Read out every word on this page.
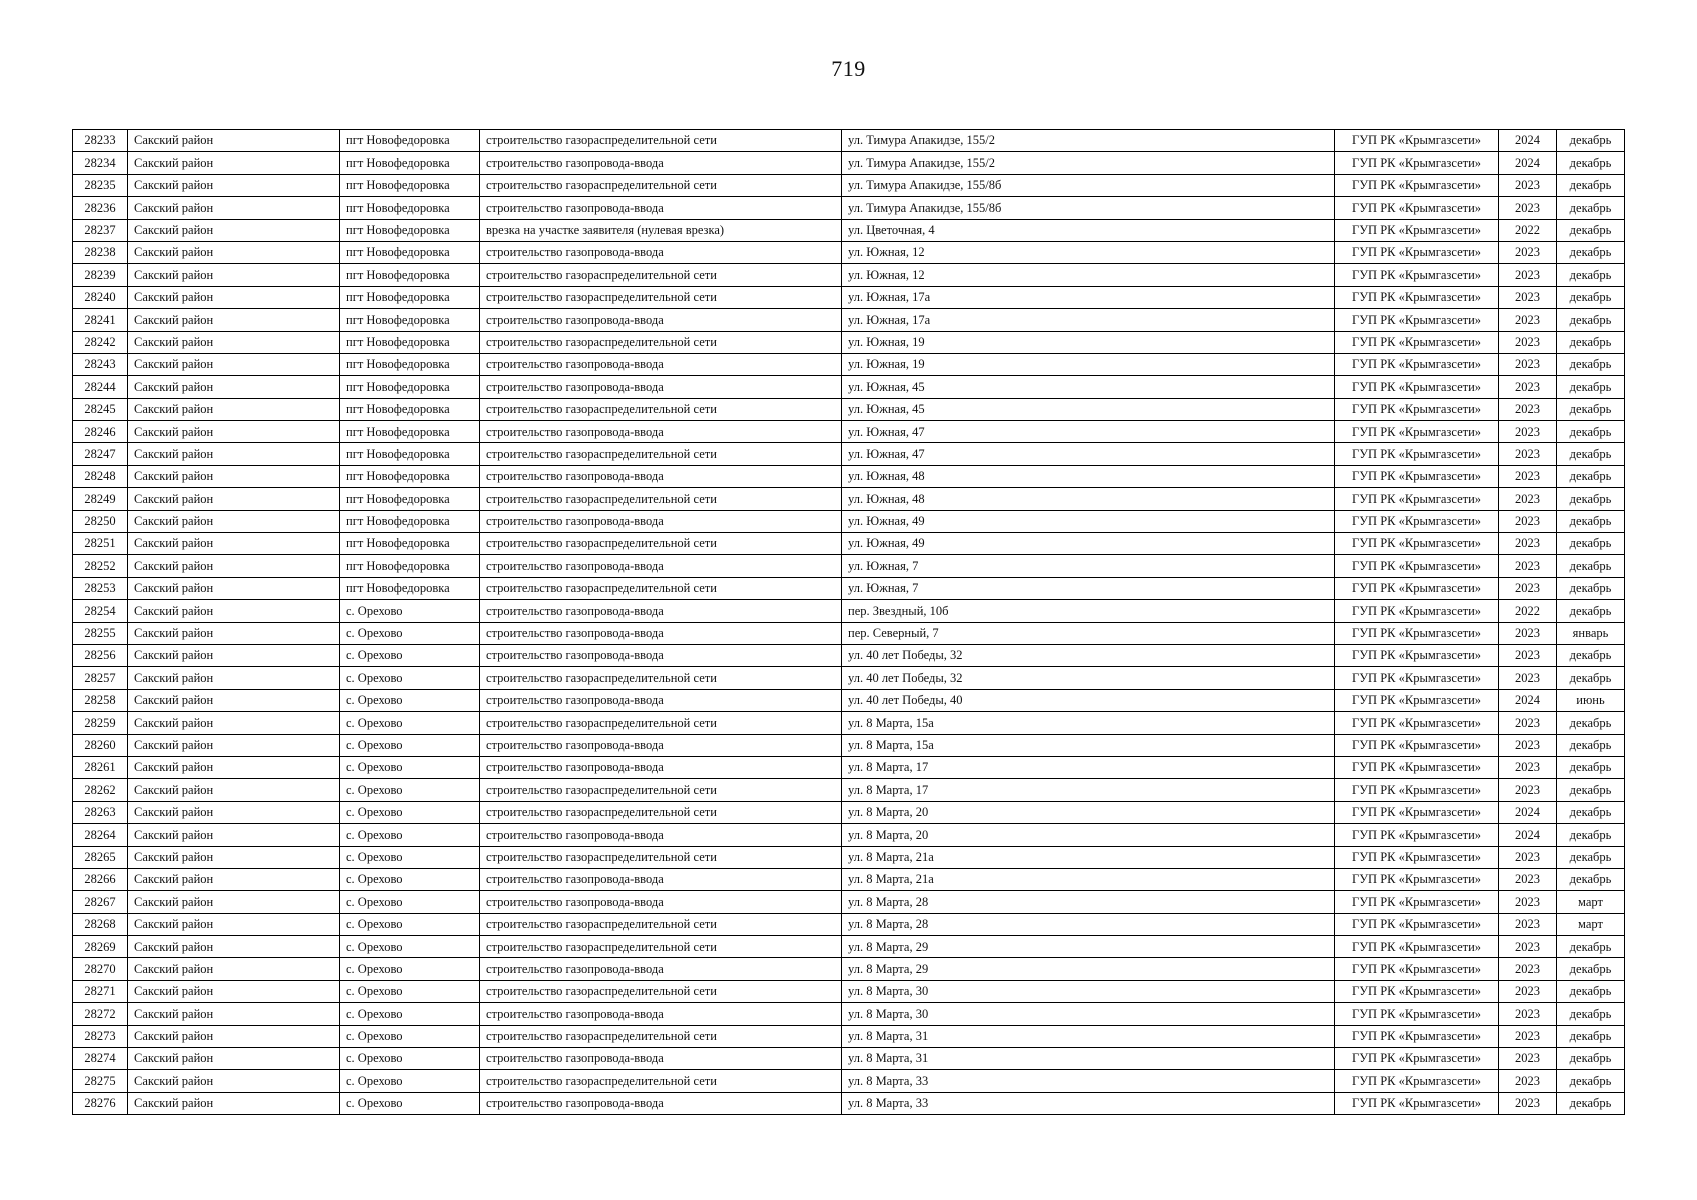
719
28233	Сакский район	пгт Новофедоровка	строительство газораспределительной сети	ул. Тимура Апакидзе, 155/2	ГУП РК «Крымгазсети»	2024	декабрь
28234	Сакский район	пгт Новофедоровка	строительство газопровода-ввода	ул. Тимура Апакидзе, 155/2	ГУП РК «Крымгазсети»	2024	декабрь
28235	Сакский район	пгт Новофедоровка	строительство газораспределительной сети	ул. Тимура Апакидзе, 155/8б	ГУП РК «Крымгазсети»	2023	декабрь
28236	Сакский район	пгт Новофедоровка	строительство газопровода-ввода	ул. Тимура Апакидзе, 155/8б	ГУП РК «Крымгазсети»	2023	декабрь
28237	Сакский район	пгт Новофедоровка	врезка на участке заявителя (нулевая врезка)	ул. Цветочная, 4	ГУП РК «Крымгазсети»	2022	декабрь
28238	Сакский район	пгт Новофедоровка	строительство газопровода-ввода	ул. Южная, 12	ГУП РК «Крымгазсети»	2023	декабрь
28239	Сакский район	пгт Новофедоровка	строительство газораспределительной сети	ул. Южная, 12	ГУП РК «Крымгазсети»	2023	декабрь
28240	Сакский район	пгт Новофедоровка	строительство газораспределительной сети	ул. Южная, 17а	ГУП РК «Крымгазсети»	2023	декабрь
28241	Сакский район	пгт Новофедоровка	строительство газопровода-ввода	ул. Южная, 17а	ГУП РК «Крымгазсети»	2023	декабрь
28242	Сакский район	пгт Новофедоровка	строительство газораспределительной сети	ул. Южная, 19	ГУП РК «Крымгазсети»	2023	декабрь
28243	Сакский район	пгт Новофедоровка	строительство газопровода-ввода	ул. Южная, 19	ГУП РК «Крымгазсети»	2023	декабрь
28244	Сакский район	пгт Новофедоровка	строительство газопровода-ввода	ул. Южная, 45	ГУП РК «Крымгазсети»	2023	декабрь
28245	Сакский район	пгт Новофедоровка	строительство газораспределительной сети	ул. Южная, 45	ГУП РК «Крымгазсети»	2023	декабрь
28246	Сакский район	пгт Новофедоровка	строительство газопровода-ввода	ул. Южная, 47	ГУП РК «Крымгазсети»	2023	декабрь
28247	Сакский район	пгт Новофедоровка	строительство газораспределительной сети	ул. Южная, 47	ГУП РК «Крымгазсети»	2023	декабрь
28248	Сакский район	пгт Новофедоровка	строительство газопровода-ввода	ул. Южная, 48	ГУП РК «Крымгазсети»	2023	декабрь
28249	Сакский район	пгт Новофедоровка	строительство газораспределительной сети	ул. Южная, 48	ГУП РК «Крымгазсети»	2023	декабрь
28250	Сакский район	пгт Новофедоровка	строительство газопровода-ввода	ул. Южная, 49	ГУП РК «Крымгазсети»	2023	декабрь
28251	Сакский район	пгт Новофедоровка	строительство газораспределительной сети	ул. Южная, 49	ГУП РК «Крымгазсети»	2023	декабрь
28252	Сакский район	пгт Новофедоровка	строительство газопровода-ввода	ул. Южная, 7	ГУП РК «Крымгазсети»	2023	декабрь
28253	Сакский район	пгт Новофедоровка	строительство газораспределительной сети	ул. Южная, 7	ГУП РК «Крымгазсети»	2023	декабрь
28254	Сакский район	с. Орехово	строительство газопровода-ввода	пер. Звездный, 10б	ГУП РК «Крымгазсети»	2022	декабрь
28255	Сакский район	с. Орехово	строительство газопровода-ввода	пер. Северный, 7	ГУП РК «Крымгазсети»	2023	январь
28256	Сакский район	с. Орехово	строительство газопровода-ввода	ул. 40 лет Победы, 32	ГУП РК «Крымгазсети»	2023	декабрь
28257	Сакский район	с. Орехово	строительство газораспределительной сети	ул. 40 лет Победы, 32	ГУП РК «Крымгазсети»	2023	декабрь
28258	Сакский район	с. Орехово	строительство газопровода-ввода	ул. 40 лет Победы, 40	ГУП РК «Крымгазсети»	2024	июнь
28259	Сакский район	с. Орехово	строительство газораспределительной сети	ул. 8 Марта, 15а	ГУП РК «Крымгазсети»	2023	декабрь
28260	Сакский район	с. Орехово	строительство газопровода-ввода	ул. 8 Марта, 15а	ГУП РК «Крымгазсети»	2023	декабрь
28261	Сакский район	с. Орехово	строительство газопровода-ввода	ул. 8 Марта, 17	ГУП РК «Крымгазсети»	2023	декабрь
28262	Сакский район	с. Орехово	строительство газораспределительной сети	ул. 8 Марта, 17	ГУП РК «Крымгазсети»	2023	декабрь
28263	Сакский район	с. Орехово	строительство газораспределительной сети	ул. 8 Марта, 20	ГУП РК «Крымгазсети»	2024	декабрь
28264	Сакский район	с. Орехово	строительство газопровода-ввода	ул. 8 Марта, 20	ГУП РК «Крымгазсети»	2024	декабрь
28265	Сакский район	с. Орехово	строительство газораспределительной сети	ул. 8 Марта, 21а	ГУП РК «Крымгазсети»	2023	декабрь
28266	Сакский район	с. Орехово	строительство газопровода-ввода	ул. 8 Марта, 21а	ГУП РК «Крымгазсети»	2023	декабрь
28267	Сакский район	с. Орехово	строительство газопровода-ввода	ул. 8 Марта, 28	ГУП РК «Крымгазсети»	2023	март
28268	Сакский район	с. Орехово	строительство газораспределительной сети	ул. 8 Марта, 28	ГУП РК «Крымгазсети»	2023	март
28269	Сакский район	с. Орехово	строительство газораспределительной сети	ул. 8 Марта, 29	ГУП РК «Крымгазсети»	2023	декабрь
28270	Сакский район	с. Орехово	строительство газопровода-ввода	ул. 8 Марта, 29	ГУП РК «Крымгазсети»	2023	декабрь
28271	Сакский район	с. Орехово	строительство газораспределительной сети	ул. 8 Марта, 30	ГУП РК «Крымгазсети»	2023	декабрь
28272	Сакский район	с. Орехово	строительство газопровода-ввода	ул. 8 Марта, 30	ГУП РК «Крымгазсети»	2023	декабрь
28273	Сакский район	с. Орехово	строительство газораспределительной сети	ул. 8 Марта, 31	ГУП РК «Крымгазсети»	2023	декабрь
28274	Сакский район	с. Орехово	строительство газопровода-ввода	ул. 8 Марта, 31	ГУП РК «Крымгазсети»	2023	декабрь
28275	Сакский район	с. Орехово	строительство газораспределительной сети	ул. 8 Марта, 33	ГУП РК «Крымгазсети»	2023	декабрь
28276	Сакский район	с. Орехово	строительство газопровода-ввода	ул. 8 Марта, 33	ГУП РК «Крымгазсети»	2023	декабрь
